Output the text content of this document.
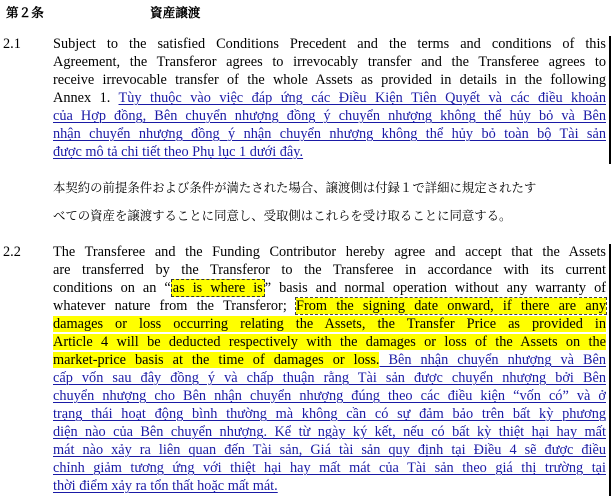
第２条	資産譲渡
2.1 Subject to the satisfied Conditions Precedent and the terms and conditions of this
Agreement, the Transferor agrees to irrevocably transfer and the Transferee agrees to
receive irrevocable transfer of the whole Assets as provided in details in the following
Annex 1. Tùy thuộc vào việc đáp ứng các Điều Kiện Tiên Quyết và các điều khoản
của Hợp đồng, Bên chuyển nhượng đồng ý chuyển nhượng không thể hủy bỏ và Bên
nhận chuyển nhượng đồng ý nhận chuyển nhượng không thể hủy bỏ toàn bộ Tài sản
được mô tả chi tiết theo Phụ lục 1 dưới đây.
本契約の前提条件および条件が満たされた場合、譲渡側は付録１で詳細に規定されたす
べての資産を譲渡することに同意し、受取側はこれらを受け取ることに同意する。
2.2 The Transferee and the Funding Contributor hereby agree and accept that the Assets
are transferred by the Transferor to the Transferee in accordance with its current
conditions on an “ as is where is ” basis and normal operation without any warranty of
whatever nature from the Transferor; From the signing date onward, if there are any
damages or loss occurring relating the Assets, the Transfer Price as provided in
Article 4 will be deducted respectively with the damages or loss of the Assets on the
market-price basis at the time of damages or loss. Bên nhận chuyển nhượng và Bên
cấp vốn sau đây đồng ý và chấp thuận rằng Tài sản được chuyển nhượng bởi Bên
chuyển nhượng cho Bên nhận chuyển nhượng đúng theo các điều kiện “vốn có” và ở
trạng thái hoạt động bình thường mà không cần có sự đảm bảo trên bất kỳ phương
diện nào của Bên chuyển nhượng. Kể từ ngày ký kết, nếu có bất kỳ thiệt hại hay mất
mát nào xảy ra liên quan đến Tài sản, Giá tài sản quy định tại Điều 4 sẽ được điều
chỉnh giảm tương ứng với thiệt hại hay mất mát của Tài sản theo giá thị trường tại
thời điểm xảy ra tổn thất hoặc mất mát.
